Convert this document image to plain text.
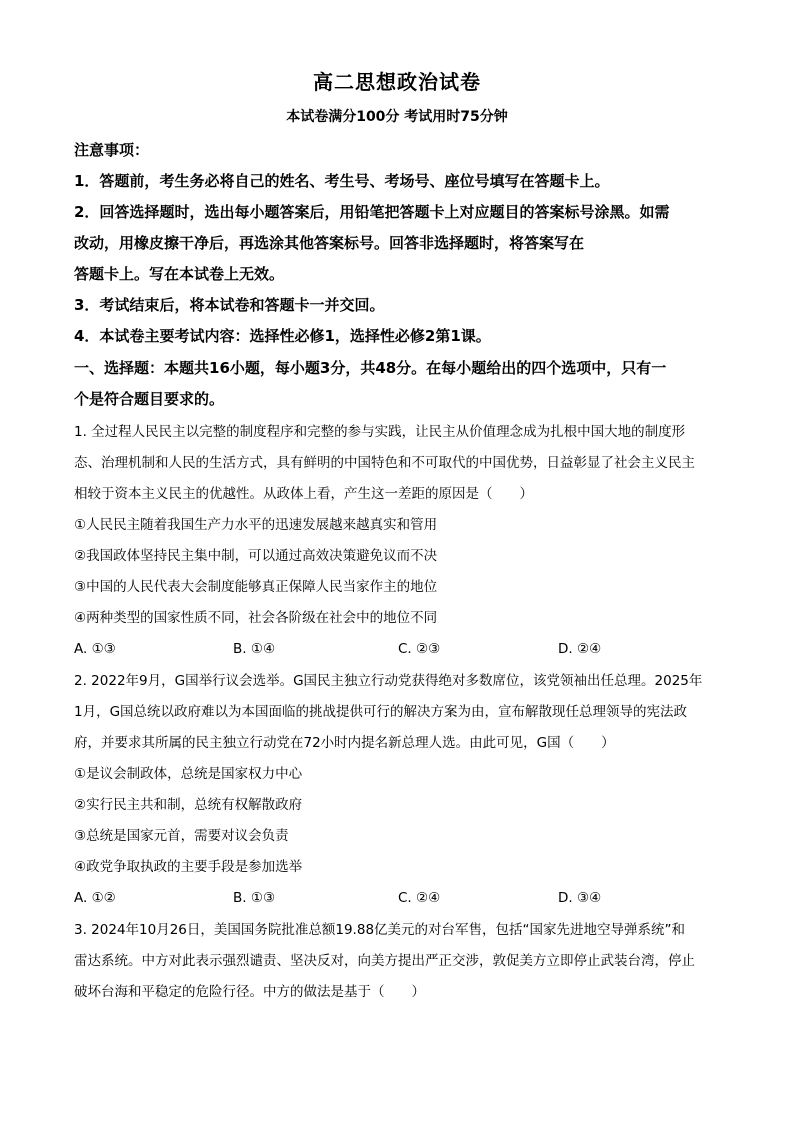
高二思想政治试卷
本试卷满分100分 考试用时75分钟
注意事项：
1．答题前，考生务必将自己的姓名、考生号、考场号、座位号填写在答题卡上。
2．回答选择题时，选出每小题答案后，用铅笔把答题卡上对应题目的答案标号涂黑。如需
改动，用橡皮擦干净后，再选涂其他答案标号。回答非选择题时，将答案写在
答题卡上。写在本试卷上无效。
3．考试结束后，将本试卷和答题卡一并交回。
4．本试卷主要考试内容：选择性必修1，选择性必修2第1课。
一、选择题：本题共16小题，每小题3分，共48分。在每小题给出的四个选项中，只有一
个是符合题目要求的。
1. 全过程人民民主以完整的制度程序和完整的参与实践，让民主从价值理念成为扎根中国大地的制度形
态、治理机制和人民的生活方式，具有鲜明的中国特色和不可取代的中国优势，日益彰显了社会主义民主
相较于资本主义民主的优越性。从政体上看，产生这一差距的原因是（　　）
①人民民主随着我国生产力水平的迅速发展越来越真实和管用
②我国政体坚持民主集中制，可以通过高效决策避免议而不决
③中国的人民代表大会制度能够真正保障人民当家作主的地位
④两种类型的国家性质不同，社会各阶级在社会中的地位不同
A. ①③	B. ①④	C. ②③	D. ②④
2. 2022年9月，G国举行议会选举。G国民主独立行动党获得绝对多数席位，该党领袖出任总理。2025年
1月，G国总统以政府难以为本国面临的挑战提供可行的解决方案为由，宣布解散现任总理领导的宪法政
府，并要求其所属的民主独立行动党在72小时内提名新总理人选。由此可见，G国（　　）
①是议会制政体，总统是国家权力中心
②实行民主共和制，总统有权解散政府
③总统是国家元首，需要对议会负责
④政党争取执政的主要手段是参加选举
A. ①②	B. ①③	C. ②④	D. ③④
3. 2024年10月26日，美国国务院批准总额19.88亿美元的对台军售，包括“国家先进地空导弹系统”和
雷达系统。中方对此表示强烈谴责、坚决反对，向美方提出严正交涉，敦促美方立即停止武装台湾，停止
破坏台海和平稳定的危险行径。中方的做法是基于（　　）
